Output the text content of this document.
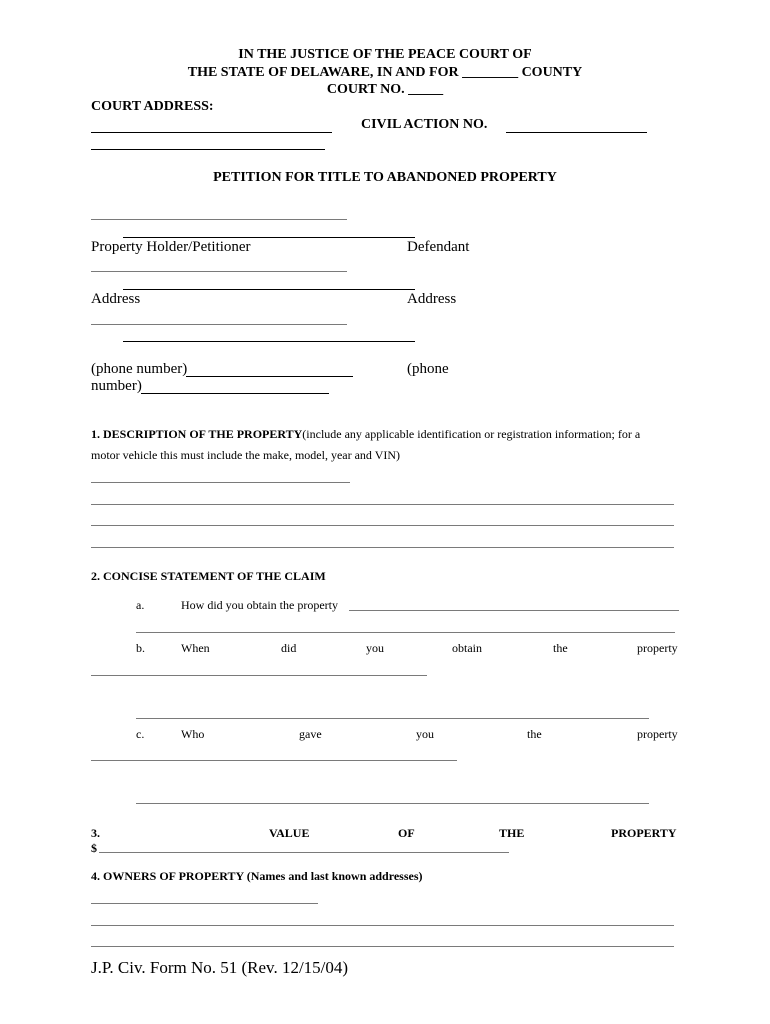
IN THE JUSTICE OF THE PEACE COURT OF
THE STATE OF DELAWARE, IN AND FOR ________ COUNTY
COURT NO. _____
COURT ADDRESS:
CIVIL ACTION NO.
PETITION FOR TITLE TO ABANDONED PROPERTY
Property Holder/Petitioner	Defendant
Address	Address
(phone number)	(phone
number)
1. DESCRIPTION OF THE PROPERTY(include any applicable identification or registration information; for a
motor vehicle this must include the make, model, year and VIN)
2. CONCISE STATEMENT OF THE CLAIM
a.	How did you obtain the property
b.	When	did	you	obtain	the	property
c.	Who	gave	you	the	property
3.	VALUE	OF	THE	PROPERTY
$
4. OWNERS OF PROPERTY (Names and last known addresses)
J.P. Civ. Form No. 51 (Rev. 12/15/04)
